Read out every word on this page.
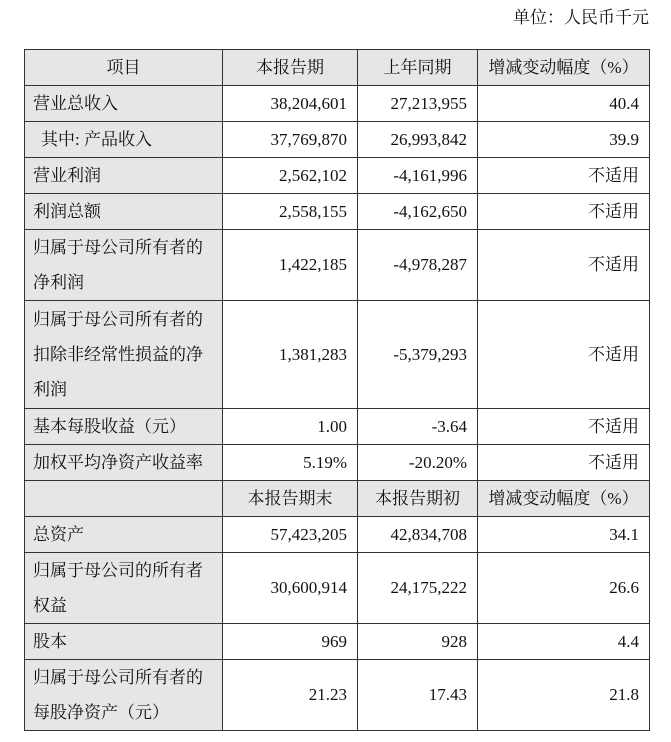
单位：人民币千元
项目	本报告期	上年同期	增减变动幅度（%）

营业总收入	38,204,601	27,213,955	40.4

其中: 产品收入	37,769,870	26,993,842	39.9

营业利润	2,562,102	-4,161,996	不适用

利润总额	2,558,155	-4,162,650	不适用

归属于母公司所有者的
净利润	1,422,185	-4,978,287	不适用

归属于母公司所有者的
扣除非经常性损益的净
利润	1,381,283	-5,379,293	不适用

基本每股收益（元）	1.00	-3.64	不适用

加权平均净资产收益率	5.19%	-20.20%	不适用
	本报告期末	本报告期初	增减变动幅度（%）

总资产	57,423,205	42,834,708	34.1

归属于母公司的所有者
权益	30,600,914	24,175,222	26.6

股本	969	928	4.4

归属于母公司所有者的
每股净资产（元）	21.23	17.43	21.8
